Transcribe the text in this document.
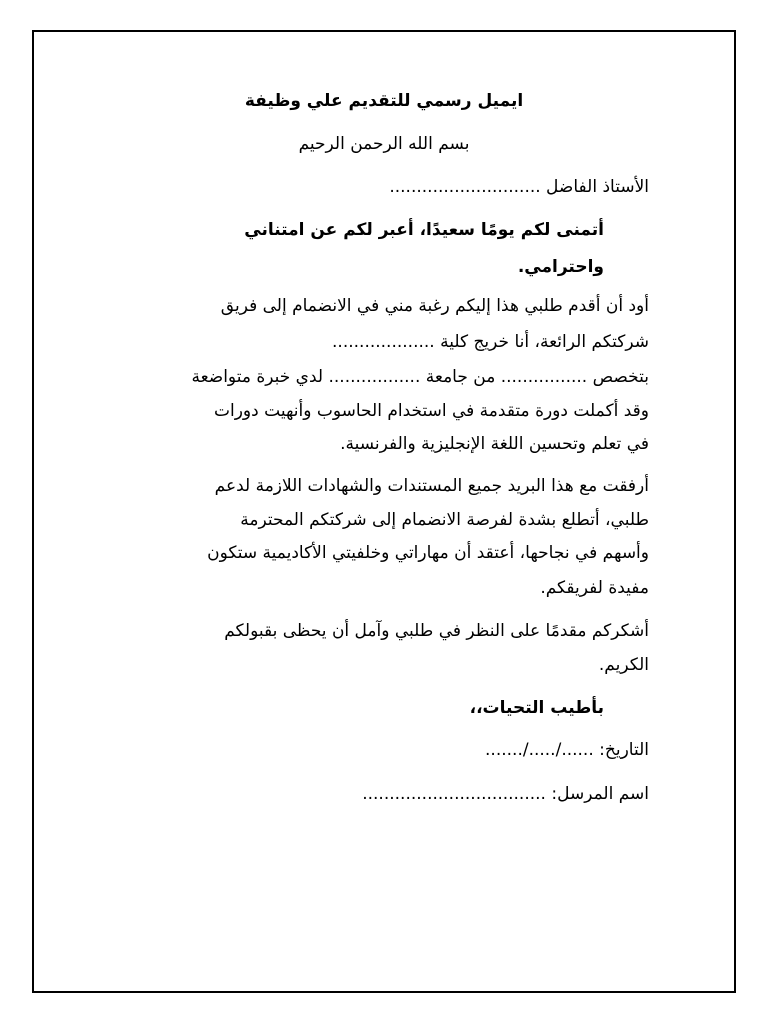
ايميل رسمي للتقديم علي وظيفة

بسم الله الرحمن الرحيم

الأستاذ الفاضل ............................

أتمنى لكم يومًا سعيدًا، أعبر لكم عن امتناني

واحترامي.

أود أن أقدم طلبي هذا إليكم رغبة مني في الانضمام إلى فريق

شركتكم الرائعة، أنا خريج كلية ...................

بتخصص ................ من جامعة ................. لدي خبرة متواضعة

وقد أكملت دورة متقدمة في استخدام الحاسوب وأنهيت دورات

في تعلم وتحسين اللغة الإنجليزية والفرنسية.

أرفقت مع هذا البريد جميع المستندات والشهادات اللازمة لدعم

طلبي، أتطلع بشدة لفرصة الانضمام إلى شركتكم المحترمة

وأسهم في نجاحها، أعتقد أن مهاراتي وخلفيتي الأكاديمية ستكون

مفيدة لفريقكم.

أشكركم مقدمًا على النظر في طلبي وآمل أن يحظى بقبولكم

الكريم.

بأطيب التحيات،،

التاريخ: ....../...../.......

اسم المرسل: ..................................
